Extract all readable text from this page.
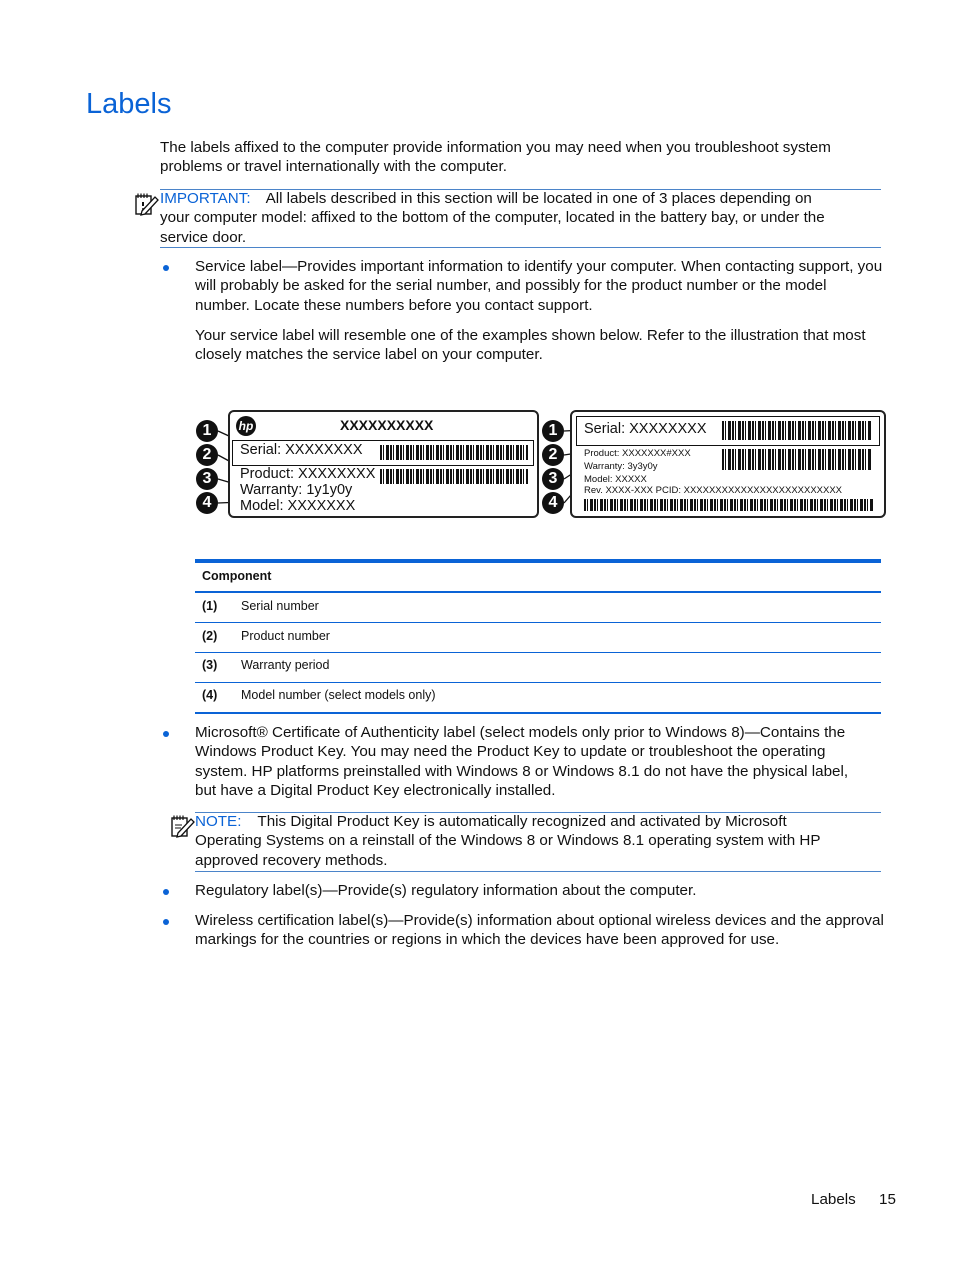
Labels
The labels affixed to the computer provide information you may need when you troubleshoot system problems or travel internationally with the computer.
IMPORTANT: All labels described in this section will be located in one of 3 places depending on
your computer model: affixed to the bottom of the computer, located in the battery bay, or under the
service door.
Service label—Provides important information to identify your computer. When contacting support, you will probably be asked for the serial number, and possibly for the product number or the model number. Locate these numbers before you contact support.
Your service label will resemble one of the examples shown below. Refer to the illustration that most closely matches the service label on your computer.
1
2
3
4
hp	XXXXXXXXXX
Serial: XXXXXXXX
Product: XXXXXXXX
Warranty: 1y1y0y
Model: XXXXXXX
1
2
3
4
Serial: XXXXXXXX
Product: XXXXXXX#XXX
Warranty: 3y3y0y
Model: XXXXX
Rev. XXXX-XXX PCID: XXXXXXXXXXXXXXXXXXXXXXXXX
Component
(1) Serial number
(2) Product number
(3) Warranty period
(4) Model number (select models only)
Microsoft® Certificate of Authenticity label (select models only prior to Windows 8)—Contains the Windows Product Key. You may need the Product Key to update or troubleshoot the operating system. HP platforms preinstalled with Windows 8 or Windows 8.1 do not have the physical label, but have a Digital Product Key electronically installed.
NOTE: This Digital Product Key is automatically recognized and activated by Microsoft
Operating Systems on a reinstall of the Windows 8 or Windows 8.1 operating system with HP
approved recovery methods.
Regulatory label(s)—Provide(s) regulatory information about the computer.
Wireless certification label(s)—Provide(s) information about optional wireless devices and the approval markings for the countries or regions in which the devices have been approved for use.
Labels 15
